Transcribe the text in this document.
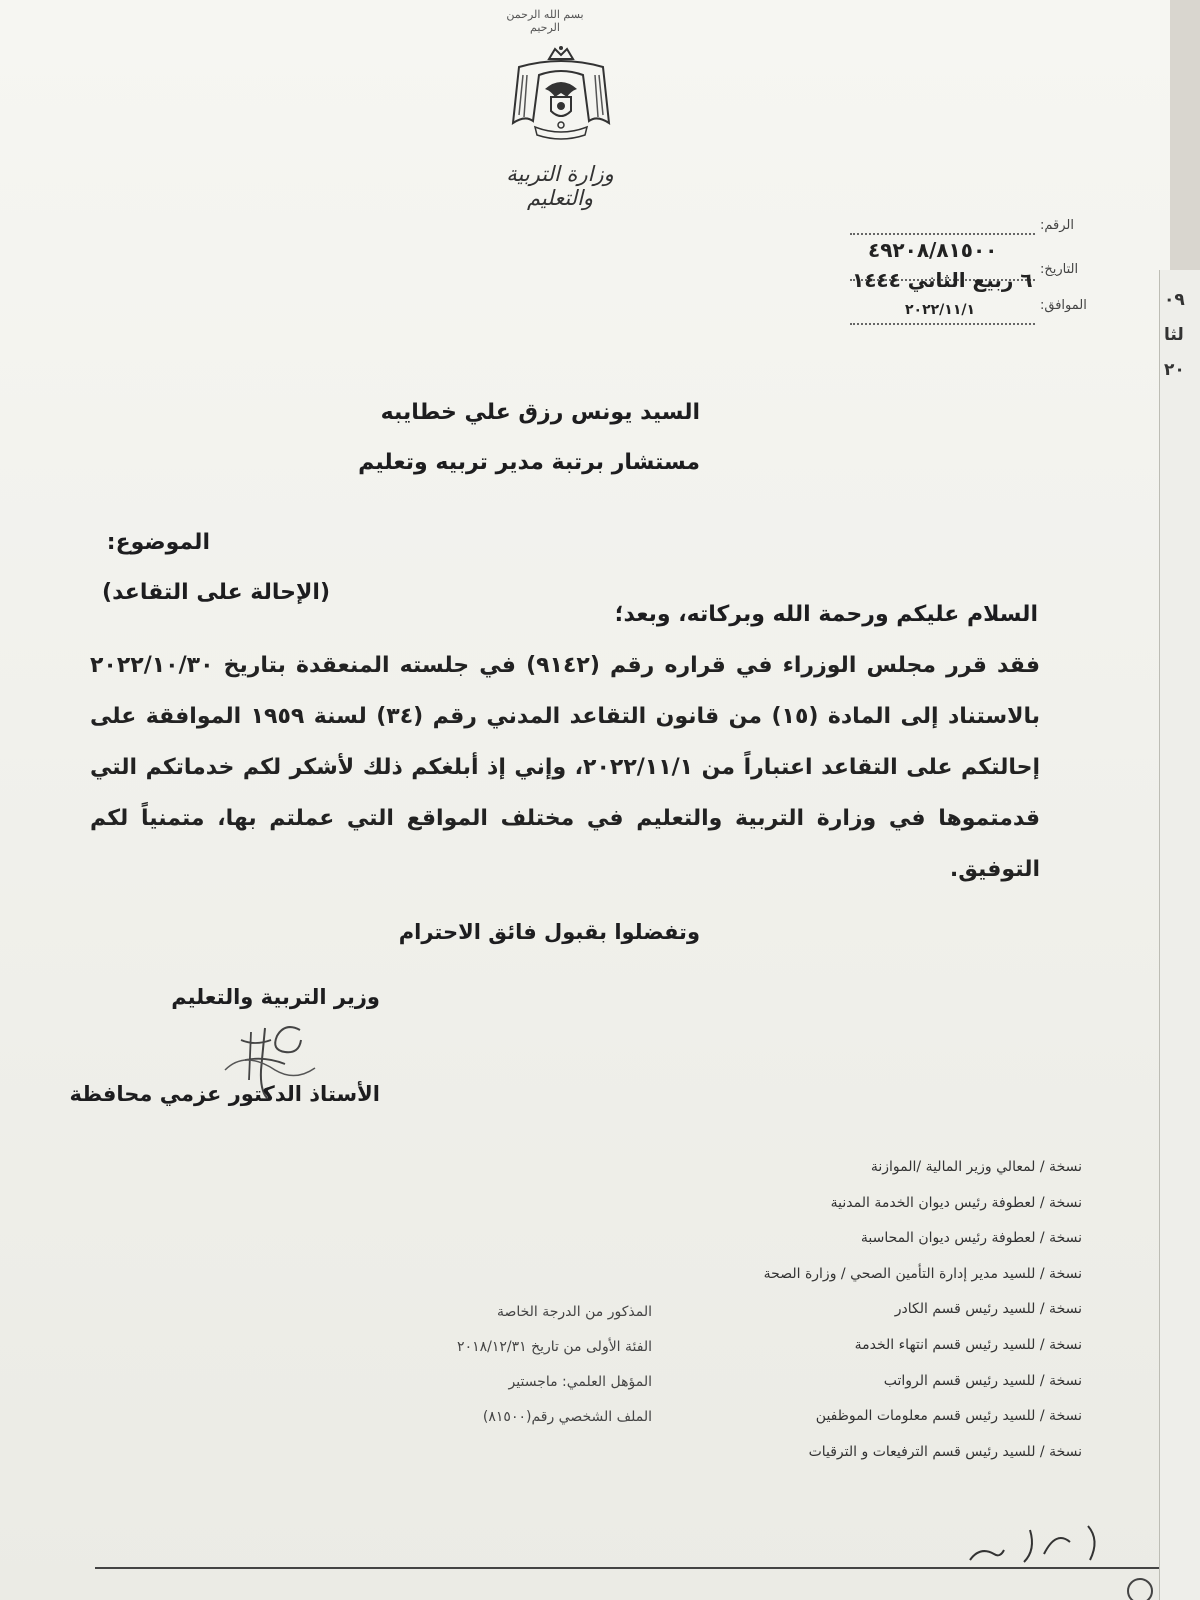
بسم الله الرحمن الرحيم
وزارة التربية والتعليم
الرقم:
٤٩٢٠٨/٨١٥٠٠
التاريخ:
٦ ربيع الثاني ١٤٤٤
الموافق:
٢٠٢٢/١١/١
السيد يونس رزق علي خطايبه
مستشار برتبة مدير تربيه وتعليم
الموضوع:
(الإحالة على التقاعد)
السلام عليكم ورحمة الله وبركاته، وبعد؛
فقد قرر مجلس الوزراء في قراره رقم (٩١٤٢) في جلسته المنعقدة بتاريخ ٢٠٢٢/١٠/٣٠ بالاستناد إلى المادة (١٥) من قانون التقاعد المدني رقم (٣٤) لسنة ١٩٥٩ الموافقة على إحالتكم على التقاعد اعتباراً من ٢٠٢٢/١١/١، وإني إذ أبلغكم ذلك لأشكر لكم خدماتكم التي قدمتموها في وزارة التربية والتعليم في مختلف المواقع التي عملتم بها، متمنياً لكم التوفيق.
وتفضلوا بقبول فائق الاحترام
وزير التربية والتعليم
الأستاذ الدكتور عزمي محافظة
نسخة / لمعالي وزير المالية /الموازنة
نسخة / لعطوفة رئيس ديوان الخدمة المدنية
نسخة / لعطوفة رئيس ديوان المحاسبة
نسخة / للسيد مدير إدارة التأمين الصحي / وزارة الصحة
نسخة / للسيد رئيس قسم الكادر
نسخة / للسيد رئيس قسم انتهاء الخدمة
نسخة / للسيد رئيس قسم الرواتب
نسخة / للسيد رئيس قسم معلومات الموظفين
نسخة / للسيد رئيس قسم الترفيعات و الترقيات
المذكور من الدرجة الخاصة
الفئة الأولى من تاريخ ٢٠١٨/١٢/٣١
المؤهل العلمي: ماجستير
الملف الشخصي رقم(٨١٥٠٠)
٠٩
لثا
٢٠
